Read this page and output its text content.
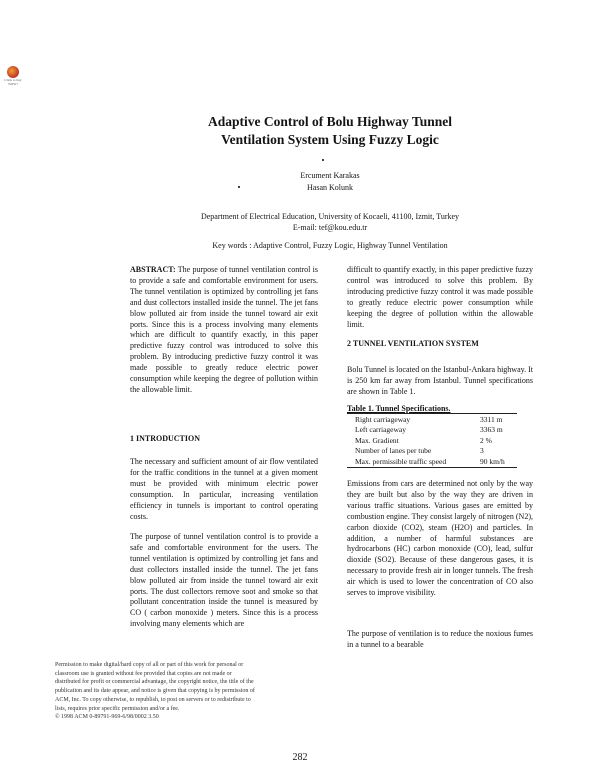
Click to buy NOW!
Adaptive Control of Bolu Highway Tunnel
Ventilation System Using Fuzzy Logic
Ercument Karakas
Hasan Kolunk
Department of Electrical Education, University of Kocaeli, 41100, Izmit, Turkey
E-mail: tef@kou.edu.tr
Key words : Adaptive Control, Fuzzy Logic, Highway Tunnel Ventilation

ABSTRACT: The purpose of tunnel ventilation control is to provide a safe and comfortable environment for users. The tunnel ventilation is optimized by controlling jet fans and dust collectors installed inside the tunnel. The jet fans blow polluted air from inside the tunnel toward air exit ports. Since this is a process involving many elements which are difficult to quantify exactly, in this paper predictive fuzzy control was introduced to solve this problem. By introducing predictive fuzzy control it was made possible to greatly reduce electric power consumption while keeping the degree of pollution within the allowable limit.

1 INTRODUCTION
The necessary and sufficient amount of air flow ventilated for the traffic conditions in the tunnel at a given moment must be provided with minimum electric power consumption. In particular, increasing ventilation efficiency in tunnels is important to control operating costs.
The purpose of tunnel ventilation control is to provide a safe and comfortable environment for the users. The tunnel ventilation is optimized by controlling jet fans and dust collectors installed inside the tunnel. The jet fans blow polluted air from inside the tunnel toward air exit ports. The dust collectors remove soot and smoke so that pollutant concentration inside the tunnel is measured by CO ( carbon monoxide ) meters. Since this is a process involving many elements which are
difficult to quantify exactly, in this paper predictive fuzzy control was introduced to solve this problem. By introducing predictive fuzzy control it was made possible to greatly reduce electric power consumption while keeping the degree of pollution within the allowable limit.
2 TUNNEL VENTILATION SYSTEM
Bolu Tunnel is located on the Istanbul-Ankara highway. It is 250 km far away from Istanbul. Tunnel specifications are shown in Table 1.
Table 1. Tunnel Specifications.
Right carriageway	3311 m
Left carriageway	3363 m
Max. Gradient	2 %
Number of lanes per tube	3
Max. permissible traffic speed	90 km/h
Emissions from cars are determined not only by the way they are built but also by the way they are driven in various traffic situations. Various gases are emitted by combustion engine. They consist largely of nitrogen (N2), carbon dioxide (CO2), steam (H2O) and particles. In addition, a number of harmful substances are hydrocarbons (HC) carbon monoxide (CO), lead, sulfur dioxide (SO2). Because of these dangerous gases, it is necessary to provide fresh air in longer tunnels. The fresh air which is used to lower the concentration of CO also serves to improve visibility.
The purpose of ventilation is to reduce the noxious fumes in a tunnel to a bearable
Permission to make digital/hard copy of all or part of this work for personal or
classroom use is granted without fee provided that copies are not made or
distributed for profit or commercial advantage, the copyright notice, the title of the
publication and its date appear, and notice is given that copying is by permission of
ACM, Inc. To copy otherwise, to republish, to post on servers or to redistribute to
lists, requires prior specific permission and/or a fee.
© 1998 ACM 0-89791-969-6/98/0002 3.50
282
